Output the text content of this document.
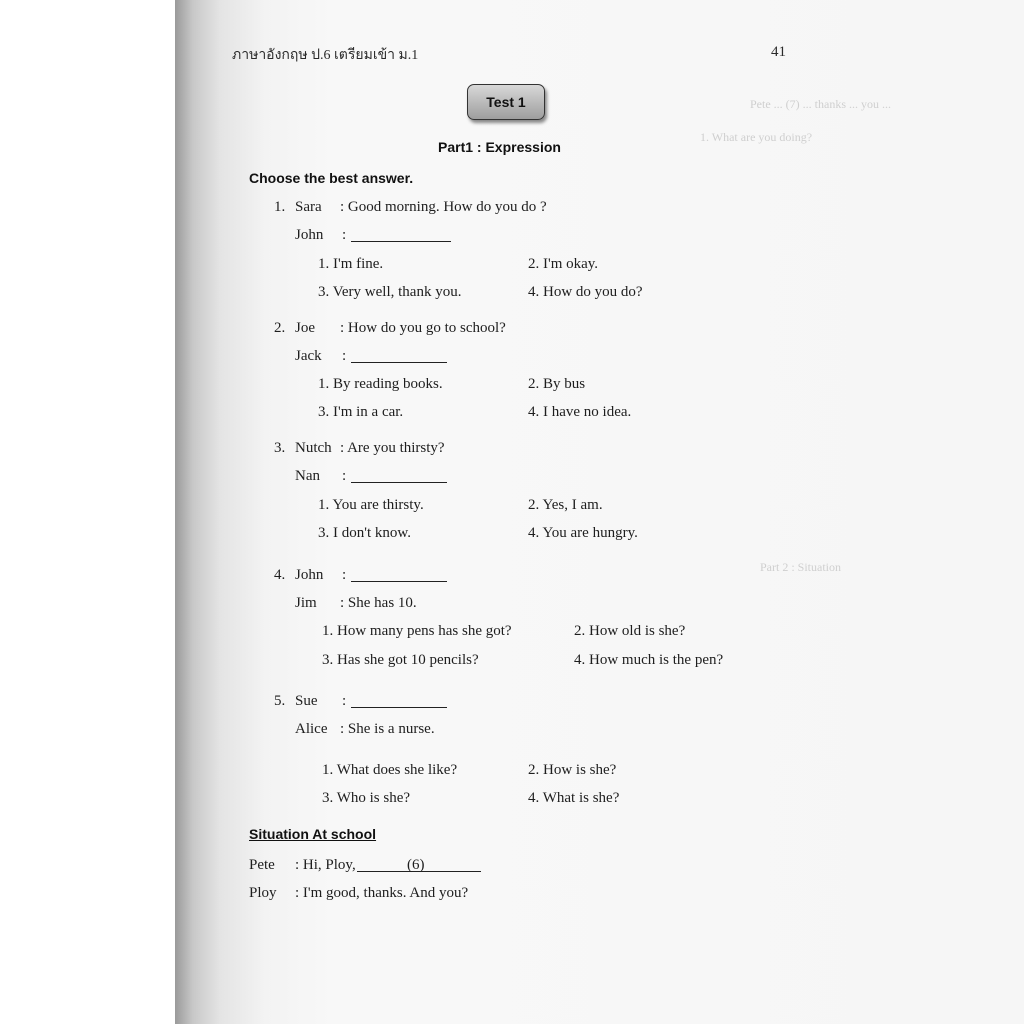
Pete ... (7) ... thanks ... you ...
1. What are you doing?
Part 2 : Situation
ภาษาอังกฤษ ป.6 เตรียมเข้า ม.1	41
Test 1
Part1 : Expression
Choose the best answer.
1. Sara : Good morning. How do you do ?
John :
1. I'm fine.	2. I'm okay.
3. Very well, thank you.	4. How do you do?
2. Joe : How do you go to school?
Jack :
1. By reading books.	2. By bus
3. I'm in a car.	4. I have no idea.
3. Nutch : Are you thirsty?
Nan :
1. You are thirsty.	2. Yes, I am.
3. I don't know.	4. You are hungry.
4. John :
Jim : She has 10.
1. How many pens has she got?	2. How old is she?
3. Has she got 10 pencils?	4. How much is the pen?
5. Sue :
Alice : She is a nurse.
1. What does she like?	2. How is she?
3. Who is she?	4. What is she?
Situation At school
Pete : Hi, Ploy,	(6)
Ploy : I'm good, thanks. And you?
